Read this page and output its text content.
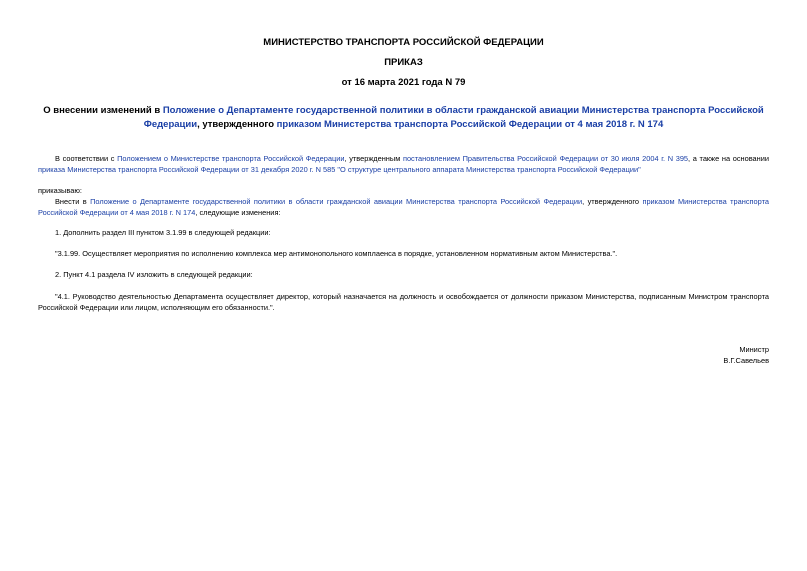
МИНИСТЕРСТВО ТРАНСПОРТА РОССИЙСКОЙ ФЕДЕРАЦИИ
ПРИКАЗ
от 16 марта 2021 года N 79
О внесении изменений в Положение о Департаменте государственной политики в области гражданской авиации Министерства транспорта Российской Федерации, утвержденного приказом Министерства транспорта Российской Федерации от 4 мая 2018 г. N 174
В соответствии с Положением о Министерстве транспорта Российской Федерации, утвержденным постановлением Правительства Российской Федерации от 30 июля 2004 г. N 395, а также на основании приказа Министерства транспорта Российской Федерации от 31 декабря 2020 г. N 585 "О структуре центрального аппарата Министерства транспорта Российской Федерации"
приказываю:
Внести в Положение о Департаменте государственной политики в области гражданской авиации Министерства транспорта Российской Федерации, утвержденного приказом Министерства транспорта Российской Федерации от 4 мая 2018 г. N 174, следующие изменения:
1. Дополнить раздел III пунктом 3.1.99 в следующей редакции:
"3.1.99. Осуществляет мероприятия по исполнению комплекса мер антимонопольного комплаенса в порядке, установленном нормативным актом Министерства.".
2. Пункт 4.1 раздела IV изложить в следующей редакции:
"4.1. Руководство деятельностью Департамента осуществляет директор, который назначается на должность и освобождается от должности приказом Министерства, подписанным Министром транспорта Российской Федерации или лицом, исполняющим его обязанности.".
Министр
В.Г.Савельев
